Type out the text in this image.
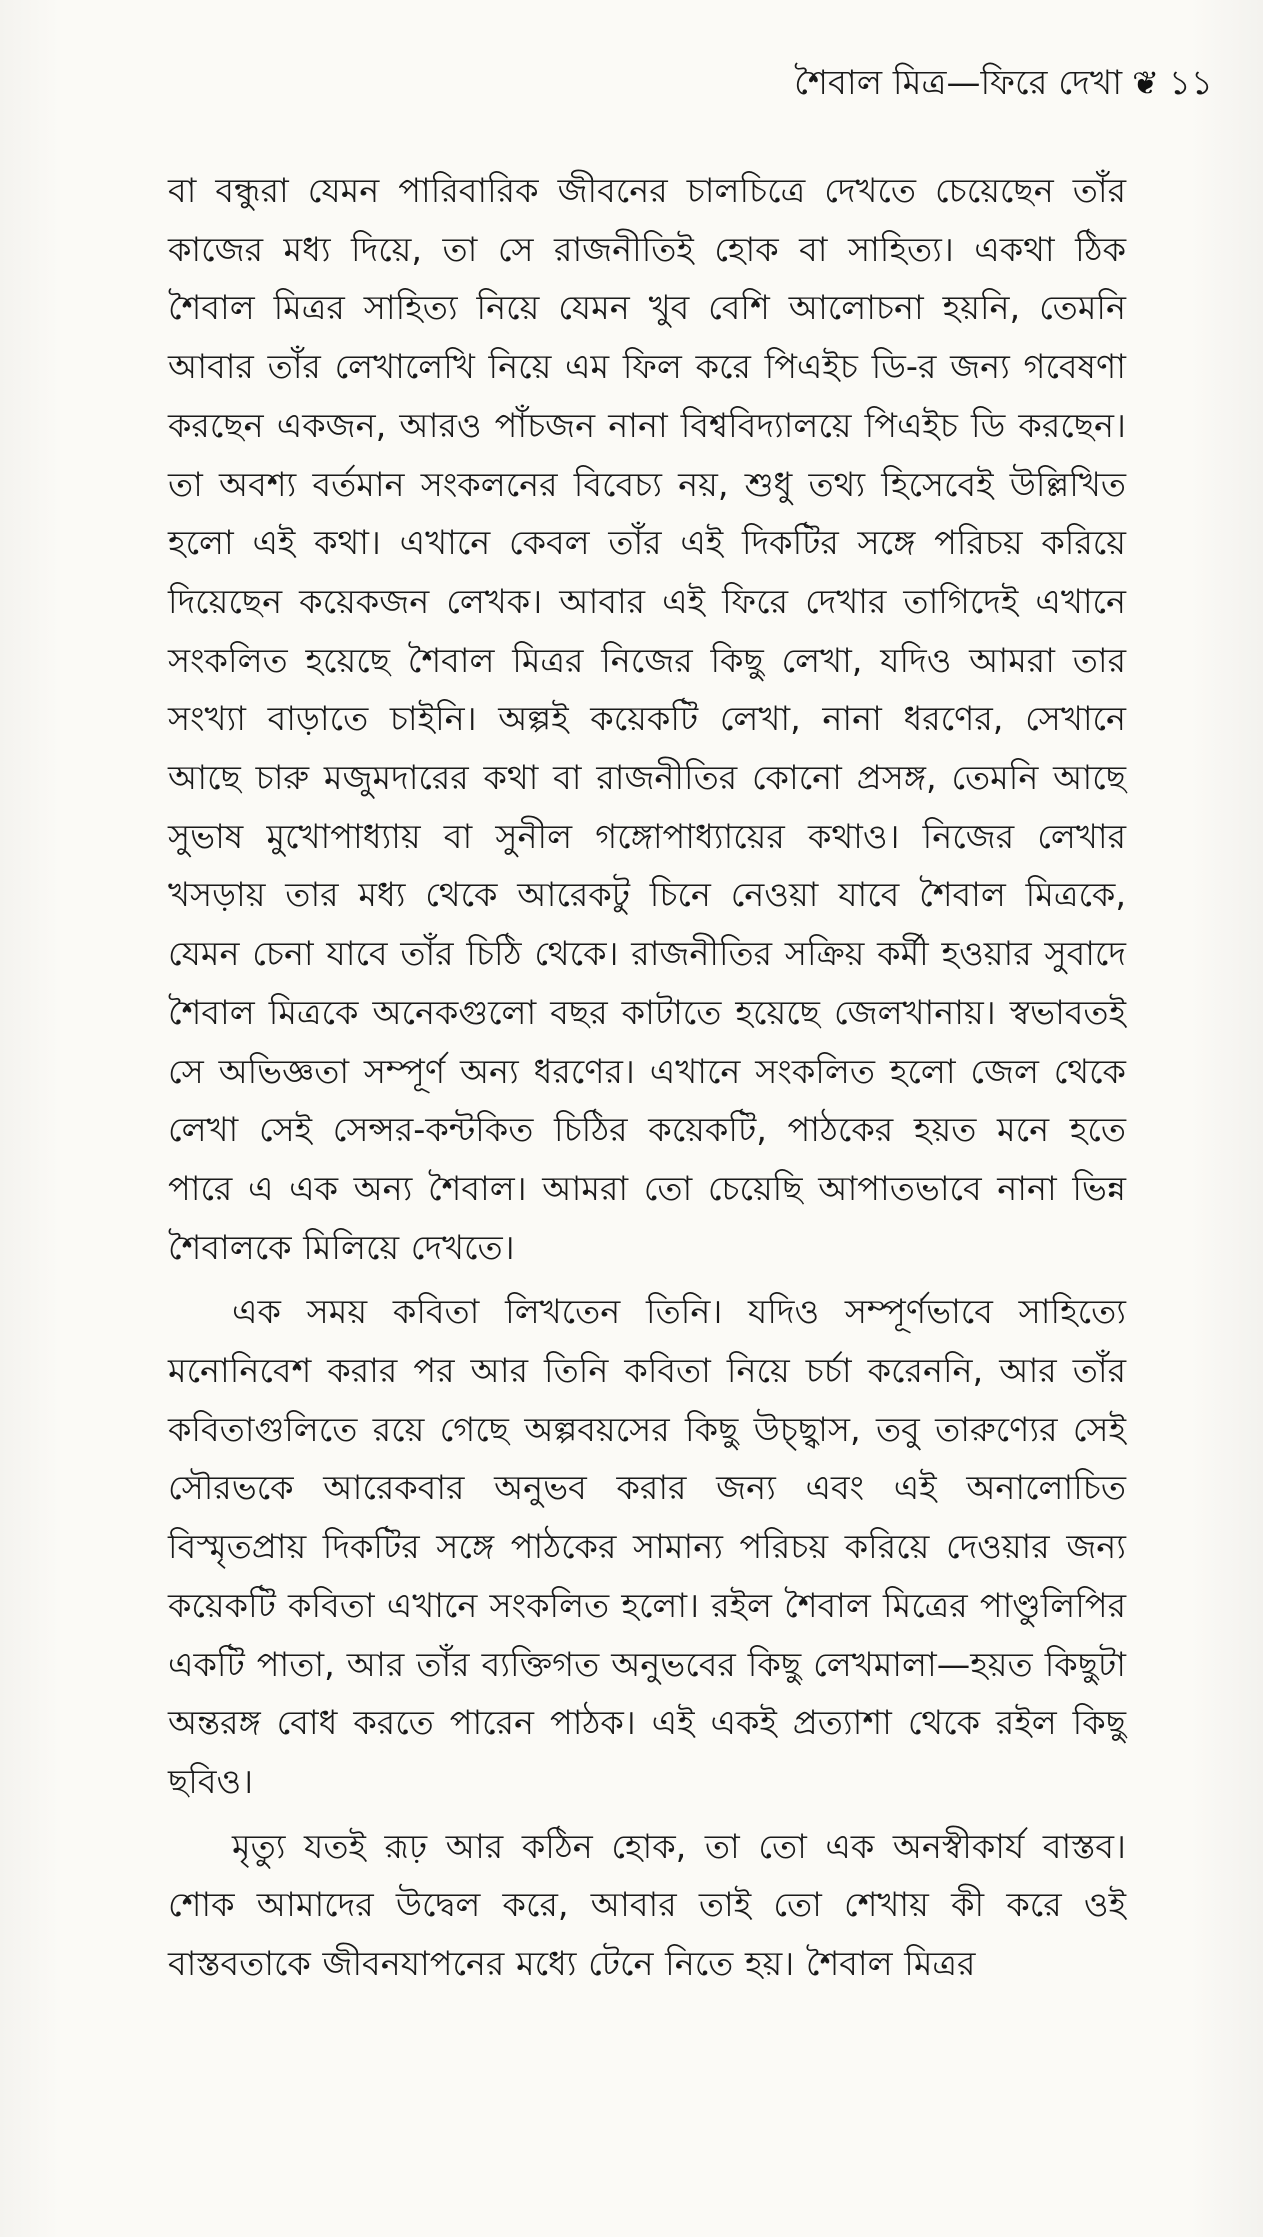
শৈবাল মিত্র—ফিরে দেখা ❦ ১১

বা বন্ধুরা যেমন পারিবারিক জীবনের চালচিত্রে দেখতে চেয়েছেন তাঁর কাজের মধ্য দিয়ে, তা সে রাজনীতিই হোক বা সাহিত্য। একথা ঠিক শৈবাল মিত্রর সাহিত্য নিয়ে যেমন খুব বেশি আলোচনা হয়নি, তেমনি আবার তাঁর লেখালেখি নিয়ে এম ফিল করে পিএইচ ডি-র জন্য গবেষণা করছেন একজন, আরও পাঁচজন নানা বিশ্ববিদ্যালয়ে পিএইচ ডি করছেন। তা অবশ্য বর্তমান সংকলনের বিবেচ্য নয়, শুধু তথ্য হিসেবেই উল্লিখিত হলো এই কথা। এখানে কেবল তাঁর এই দিকটির সঙ্গে পরিচয় করিয়ে দিয়েছেন কয়েকজন লেখক। আবার এই ফিরে দেখার তাগিদেই এখানে সংকলিত হয়েছে শৈবাল মিত্রর নিজের কিছু লেখা, যদিও আমরা তার সংখ্যা বাড়াতে চাইনি। অল্পই কয়েকটি লেখা, নানা ধরণের, সেখানে আছে চারু মজুমদারের কথা বা রাজনীতির কোনো প্রসঙ্গ, তেমনি আছে সুভাষ মুখোপাধ্যায় বা সুনীল গঙ্গোপাধ্যায়ের কথাও। নিজের লেখার খসড়ায় তার মধ্য থেকে আরেকটু চিনে নেওয়া যাবে শৈবাল মিত্রকে, যেমন চেনা যাবে তাঁর চিঠি থেকে। রাজনীতির সক্রিয় কর্মী হওয়ার সুবাদে শৈবাল মিত্রকে অনেকগুলো বছর কাটাতে হয়েছে জেলখানায়। স্বভাবতই সে অভিজ্ঞতা সম্পূর্ণ অন্য ধরণের। এখানে সংকলিত হলো জেল থেকে লেখা সেই সেন্সর-কন্টকিত চিঠির কয়েকটি, পাঠকের হয়ত মনে হতে পারে এ এক অন্য শৈবাল। আমরা তো চেয়েছি আপাতভাবে নানা ভিন্ন শৈবালকে মিলিয়ে দেখতে।

এক সময় কবিতা লিখতেন তিনি। যদিও সম্পূর্ণভাবে সাহিত্যে মনোনিবেশ করার পর আর তিনি কবিতা নিয়ে চর্চা করেননি, আর তাঁর কবিতাগুলিতে রয়ে গেছে অল্পবয়সের কিছু উচ্ছ্বাস, তবু তারুণ্যের সেই সৌরভকে আরেকবার অনুভব করার জন্য এবং এই অনালোচিত বিস্মৃতপ্রায় দিকটির সঙ্গে পাঠকের সামান্য পরিচয় করিয়ে দেওয়ার জন্য কয়েকটি কবিতা এখানে সংকলিত হলো। রইল শৈবাল মিত্রের পাণ্ডুলিপির একটি পাতা, আর তাঁর ব্যক্তিগত অনুভবের কিছু লেখমালা—হয়ত কিছুটা অন্তরঙ্গ বোধ করতে পারেন পাঠক। এই একই প্রত্যাশা থেকে রইল কিছু ছবিও।

মৃত্যু যতই রূঢ় আর কঠিন হোক, তা তো এক অনস্বীকার্য বাস্তব। শোক আমাদের উদ্বেল করে, আবার তাই তো শেখায় কী করে ওই বাস্তবতাকে জীবনযাপনের মধ্যে টেনে নিতে হয়। শৈবাল মিত্রর
